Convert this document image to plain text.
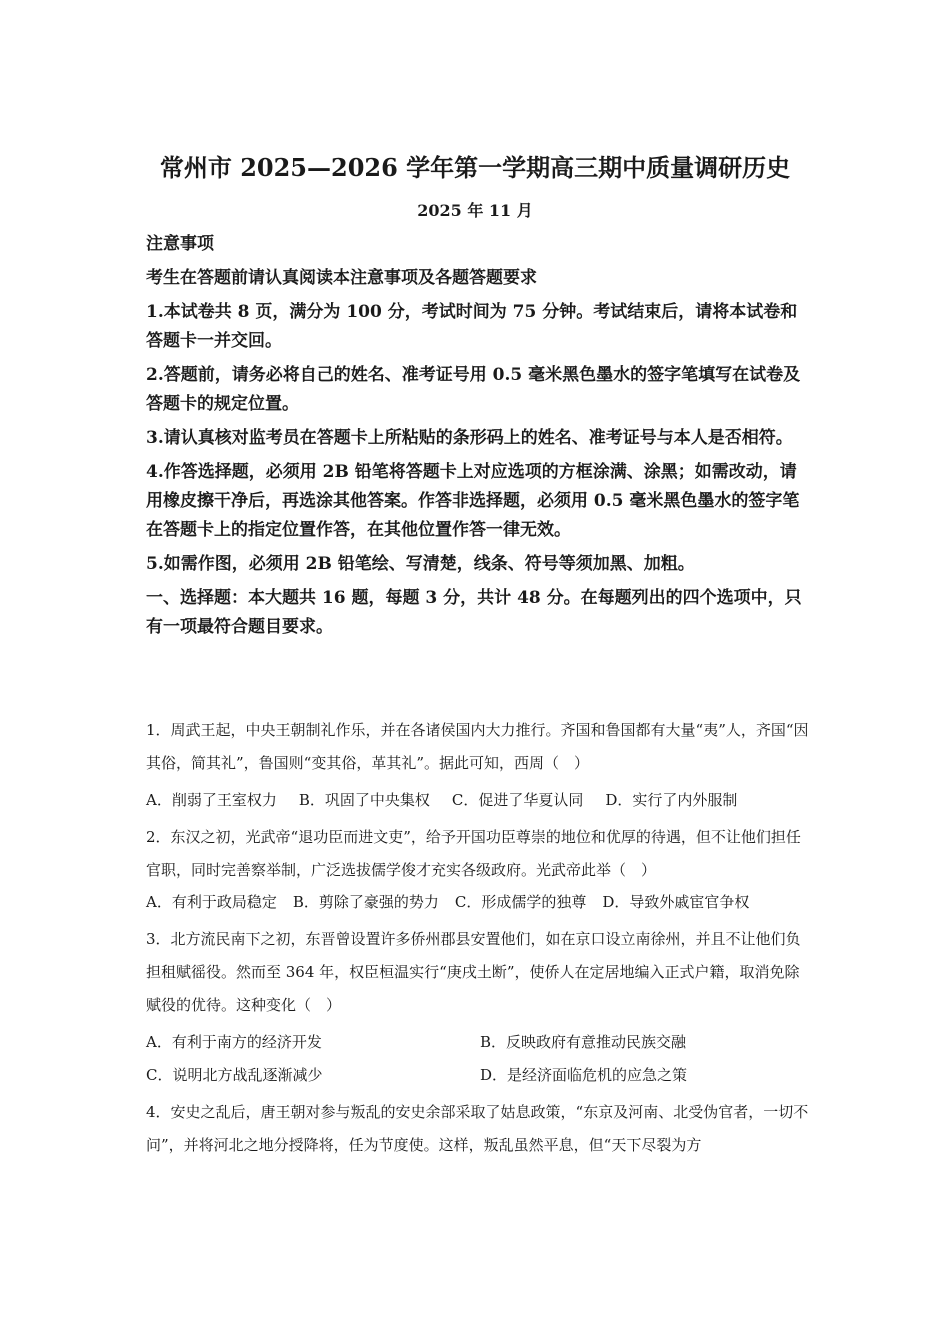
常州市 2025—2026 学年第一学期高三期中质量调研历史
2025 年 11 月

注意事项

考生在答题前请认真阅读本注意事项及各题答题要求

1.本试卷共 8 页，满分为 100 分，考试时间为 75 分钟。考试结束后，请将本试卷和答题卡一并交回。

2.答题前，请务必将自己的姓名、准考证号用 0.5 毫米黑色墨水的签字笔填写在试卷及答题卡的规定位置。

3.请认真核对监考员在答题卡上所粘贴的条形码上的姓名、准考证号与本人是否相符。

4.作答选择题，必须用 2B 铅笔将答题卡上对应选项的方框涂满、涂黑；如需改动，请用橡皮擦干净后，再选涂其他答案。作答非选择题，必须用 0.5 毫米黑色墨水的签字笔在答题卡上的指定位置作答，在其他位置作答一律无效。

5.如需作图，必须用 2B 铅笔绘、写清楚，线条、符号等须加黑、加粗。

一、选择题：本大题共 16 题，每题 3 分，共计 48 分。在每题列出的四个选项中，只有一项最符合题目要求。

1．周武王起，中央王朝制礼作乐，并在各诸侯国内大力推行。齐国和鲁国都有大量“夷”人，齐国“因其俗，简其礼”，鲁国则“变其俗，革其礼”。据此可知，西周（　）

A．削弱了王室权力 B．巩固了中央集权 C．促进了华夏认同 D．实行了内外服制

2．东汉之初，光武帝“退功臣而进文吏”，给予开国功臣尊崇的地位和优厚的待遇，但不让他们担任官职，同时完善察举制，广泛选拔儒学俊才充实各级政府。光武帝此举（　）

A．有利于政局稳定 B．剪除了豪强的势力 C．形成儒学的独尊 D．导致外戚宦官争权

3．北方流民南下之初，东晋曾设置许多侨州郡县安置他们，如在京口设立南徐州，并且不让他们负担租赋徭役。然而至 364 年，权臣桓温实行“庚戌土断”，使侨人在定居地编入正式户籍，取消免除赋役的优待。这种变化（　）

A．有利于南方的经济开发	B．反映政府有意推动民族交融
C．说明北方战乱逐渐减少	D．是经济面临危机的应急之策

4．安史之乱后，唐王朝对参与叛乱的安史余部采取了姑息政策，“东京及河南、北受伪官者，一切不问”，并将河北之地分授降将，任为节度使。这样，叛乱虽然平息，但“天下尽裂为方
